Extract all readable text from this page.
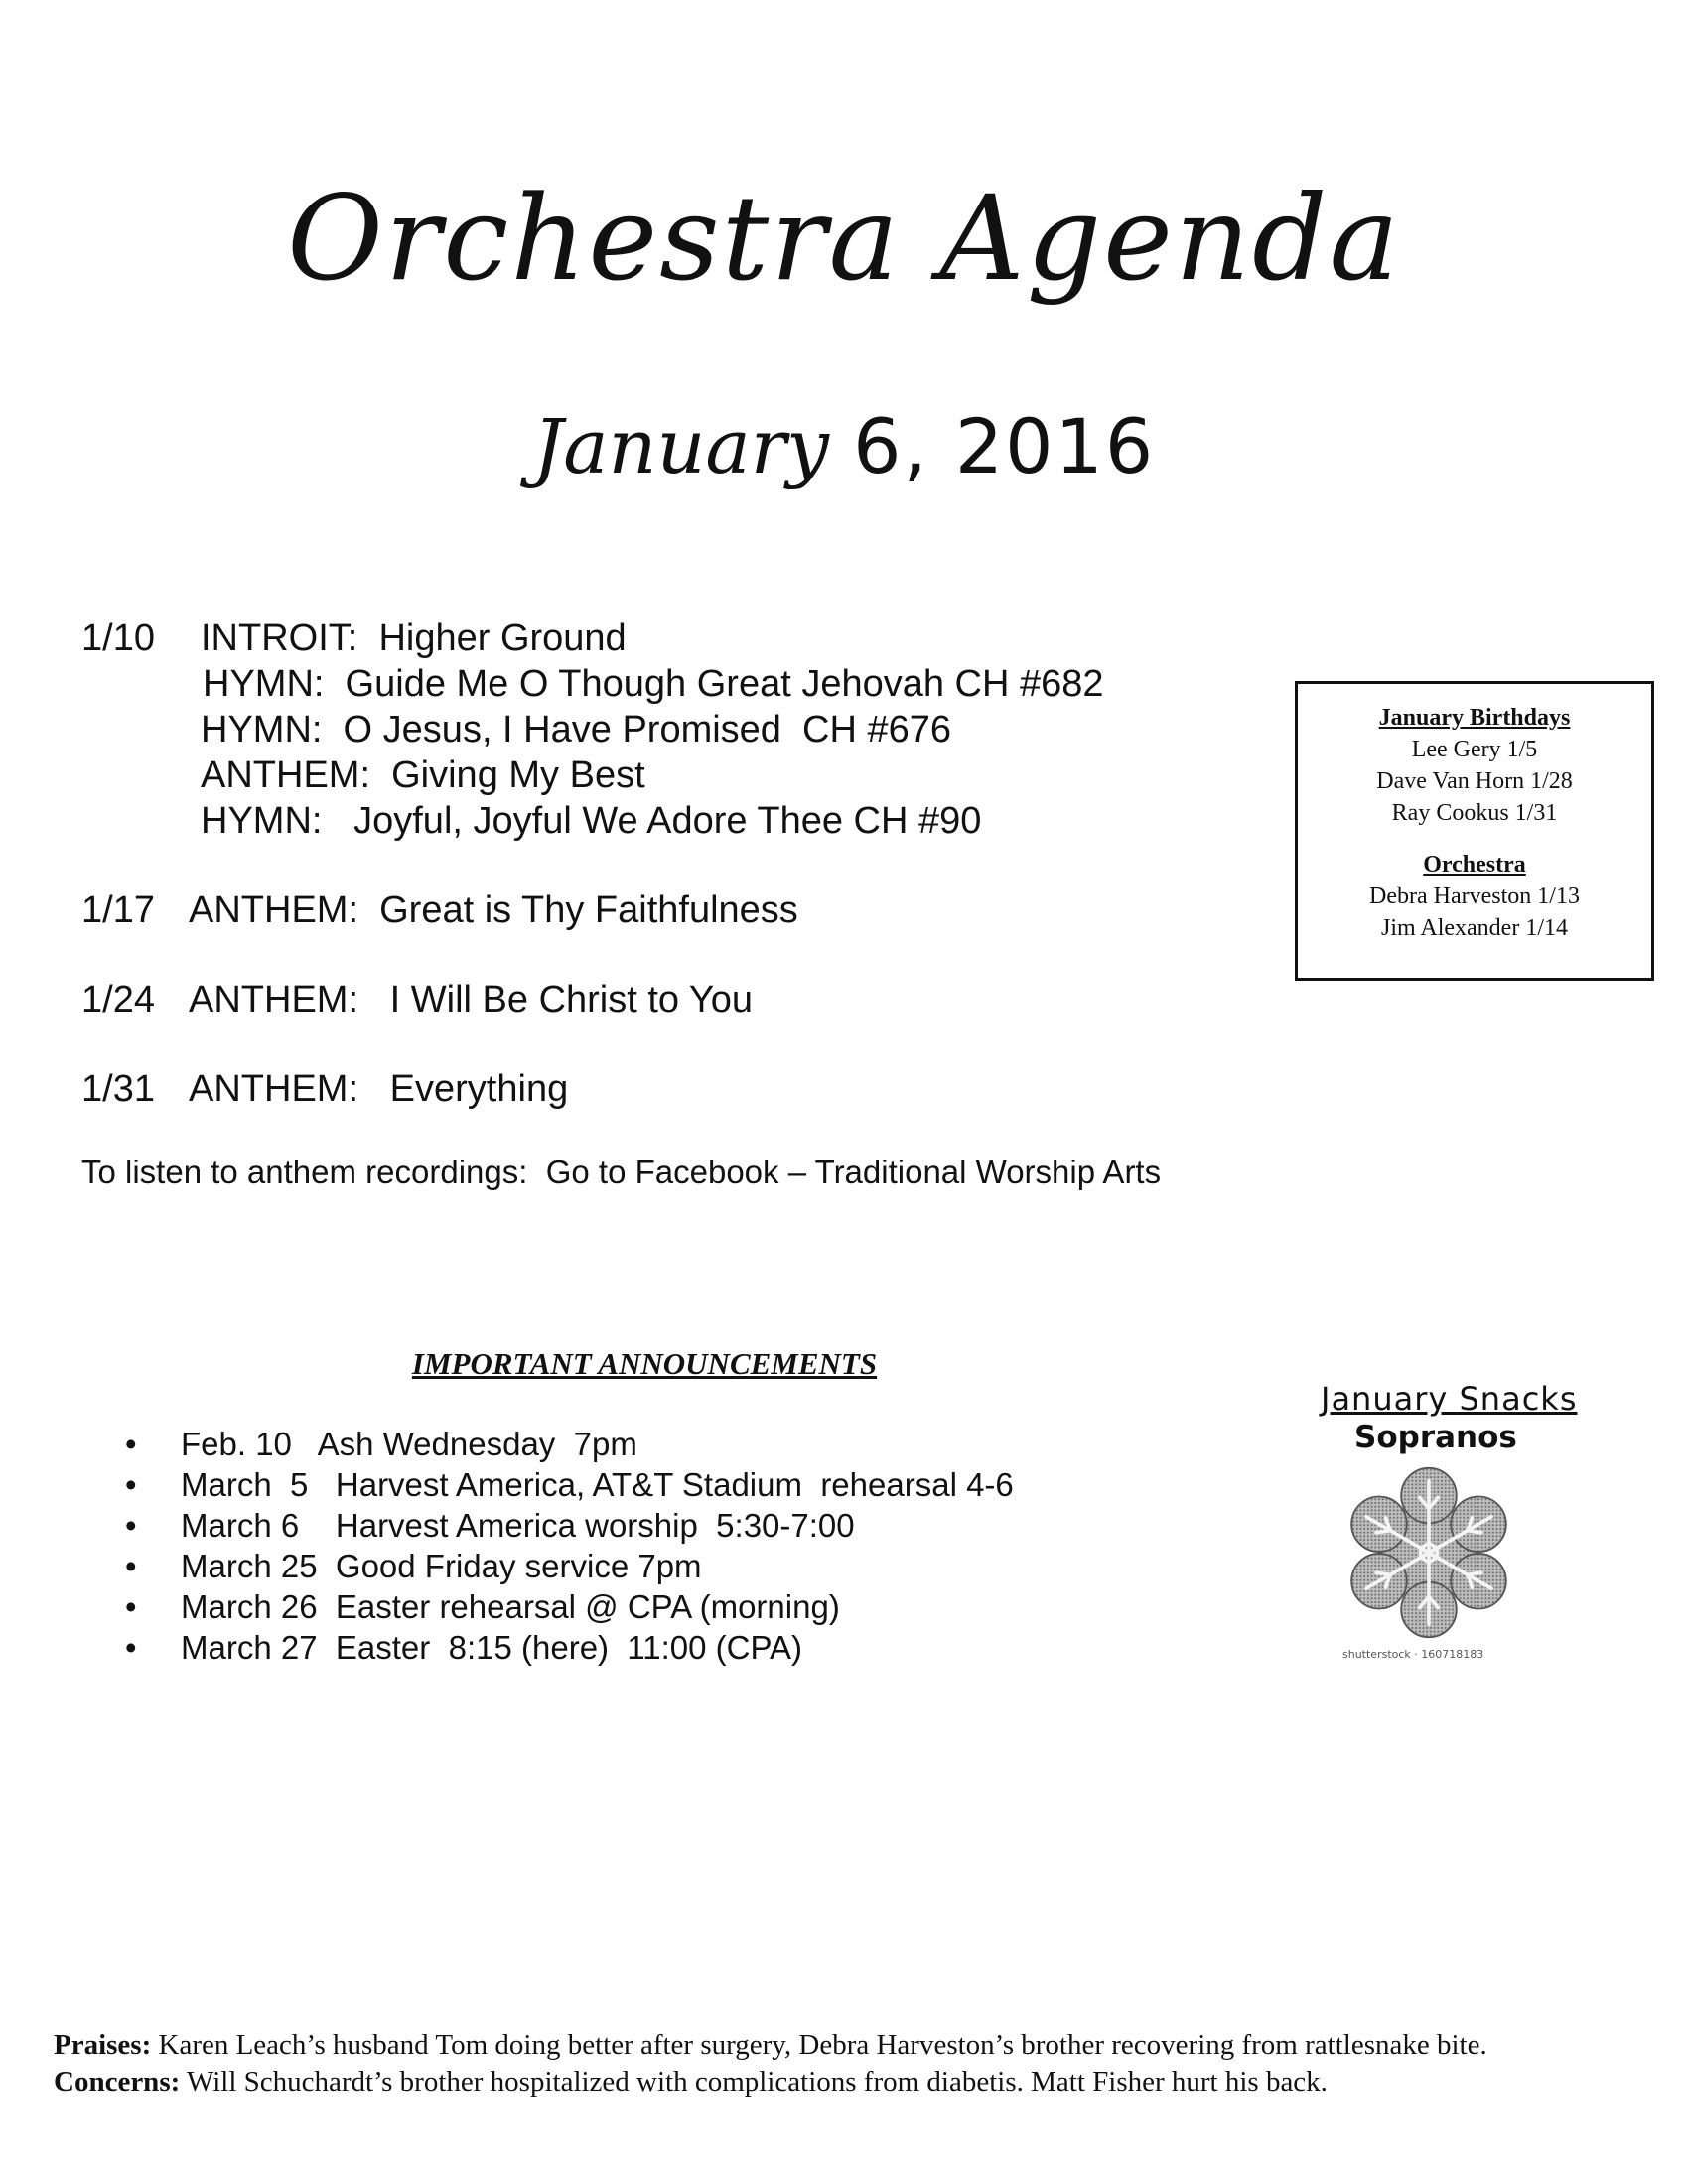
Orchestra Agenda
January 6, 2016

1/10

INTROIT:  Higher Ground

HYMN:  Guide Me O Though Great Jehovah CH #682

HYMN:  O Jesus, I Have Promised  CH #676

ANTHEM:  Giving My Best

HYMN:   Joyful, Joyful We Adore Thee CH #90

1/17

ANTHEM:  Great is Thy Faithfulness

1/24

ANTHEM:   I Will Be Christ to You

1/31

ANTHEM:   Everything

To listen to anthem recordings:  Go to Facebook – Traditional Worship Arts
January Birthdays
Lee Gery 1/5
Dave Van Horn 1/28
Ray Cookus 1/31
Orchestra
Debra Harveston 1/13
Jim Alexander 1/14
IMPORTANT ANNOUNCEMENTS
• Feb. 10   Ash Wednesday  7pm
• March  5   Harvest America, AT&T Stadium  rehearsal 4-6
• March 6    Harvest America worship  5:30-7:00
• March 25  Good Friday service 7pm
• March 26  Easter rehearsal @ CPA (morning)
• March 27  Easter  8:15 (here)  11:00 (CPA)
January Snacks
Sopranos
shutterstock · 160718183
Praises: Karen Leach’s husband Tom doing better after surgery, Debra Harveston’s brother recovering from rattlesnake bite.
Concerns: Will Schuchardt’s brother hospitalized with complications from diabetis. Matt Fisher hurt his back.
